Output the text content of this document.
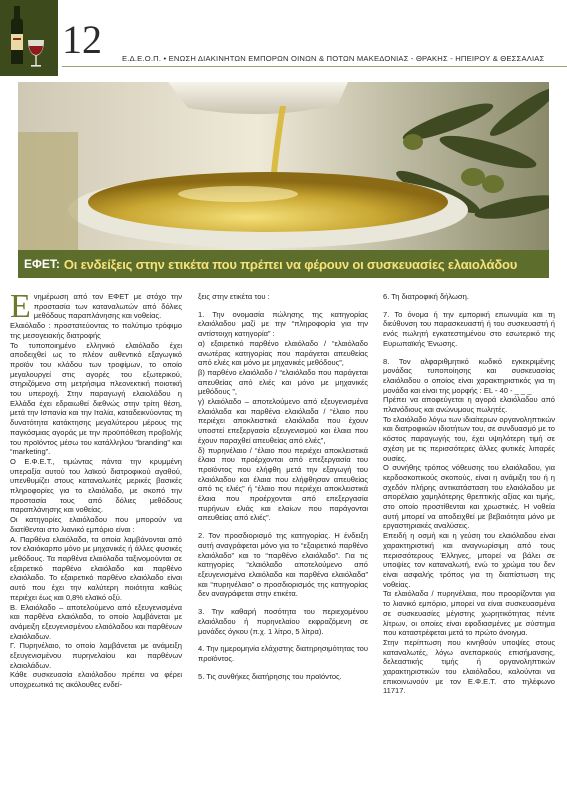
12	Ε.Δ.Ε.Ο.Π. • ΕΝΩΣΗ ΔΙΑΚΙΝΗΤΩΝ ΕΜΠΟΡΩΝ ΟΙΝΩΝ & ΠΟΤΩΝ ΜΑΚΕΔΟΝΙΑΣ - ΘΡΑΚΗΣ - ΗΠΕΙΡΟΥ & ΘΕΣΣΑΛΙΑΣ
ΕΦΕΤ: Οι ενδείξεις στην ετικέτα που πρέπει να φέρουν οι συσκευασίες ελαιολάδου

Ενημέρωση από τον ΕΦΕΤ με στόχο την προστασία των καταναλωτών από δόλιες μεθόδους παραπλάνησης και νοθείας.

Ελαιόλαδο : προστατεύοντας το πολύτιμο τρόφιμο της μεσογειακής διατροφής

Το τυποποιημένο ελληνικό ελαιόλαδο έχει αποδειχθεί ως το πλέον αυθεντικό εξαγωγικό προϊόν του κλάδου των τροφίμων, το οποίο μεγαλουργεί στις αγορές του εξωτερικού, στηριζόμενο στη μετρήσιμα πλεονεκτική ποιοτική του υπεροχή. Στην παραγωγή ελαιολάδου η Ελλάδα έχει εδραιωθεί διεθνώς στην τρίτη θέση, μετά την Ισπανία και την Ιταλία, καταδεικνύοντας τη δυνατότητα κατάκτησης μεγαλύτερου μέρους της παγκόσμιας αγοράς με την προϋπόθεση προβολής του προϊόντος μέσω του κατάλληλου “branding” και “marketing”.

Ο Ε.Φ.Ε.Τ., τιμώντας πάντα την κρυμμένη υπεραξία αυτού του λαϊκού διατροφικού αγαθού, υπενθυμίζει στους καταναλωτές μερικές βασικές πληροφορίες για το ελαιόλαδο, με σκοπό την προστασία τους από δόλιες μεθόδους παραπλάνησης και νοθείας.

Οι κατηγορίες ελαιόλαδου που μπορούν να διατίθενται στο λιανικό εμπόριο είναι :

Α. Παρθένα ελαιόλαδα, τα οποία λαμβάνονται από τον ελαιόκαρπο μόνο με μηχανικές ή άλλες φυσικές μεθόδους. Τα παρθένα ελαιόλαδα ταξινομούνται σε εξαιρετικό παρθένο ελαιόλαδο και παρθένο ελαιόλαδο. Το εξαιρετικό παρθένο ελαιόλαδο είναι αυτό που έχει την καλύτερη ποιότητα καθώς περιέχει έως και 0,8% ελαϊκό οξύ.

Β. Ελαιόλαδο – αποτελούμενο από εξευγενισμένα και παρθένα ελαιόλαδα, το οποίο λαμβάνεται με ανάμειξη εξευγενισμένου ελαιόλαδου και παρθένων ελαιόλαδων.

Γ. Πυρηνέλαιο, το οποίο λαμβάνεται με ανάμειξη εξευγενισμένου πυρηνελαίου και παρθένων ελαιολάδων.

Κάθε συσκευασία ελαιόλαδου πρέπει να φέρει υποχρεωτικά τις ακόλουθες ενδεί-

ξεις στην ετικέτα του :

1. Την ονομασία πώλησης της κατηγορίας ελαιόλαδου μαζί με την “πληροφορία για την αντίστοιχη κατηγορία” :

α) εξαιρετικό παρθένο ελαιόλαδο / “ελαιόλαδο ανωτέρας κατηγορίας που παράγεται απευθείας από ελιές και μόνο με μηχανικές μεθόδους”,

β) παρθένο ελαιόλαδο / “ελαιόλαδο που παράγεται απευθείας από ελιές και μόνο με μηχανικές μεθόδους ”,

γ) ελαιόλαδο – αποτελούμενο από εξευγενισμένα ελαιόλαδα και παρθένα ελαιόλαδα / “έλαιο που περιέχει αποκλειστικά ελαιόλαδα που έχουν υποστεί επεξεργασία εξευγενισμού και έλαια που έχουν παραχθεί απευθείας από ελιές”,

δ) πυρηνέλαιο / “έλαιο που περιέχει αποκλειστικά έλαια που προέρχονται από επεξεργασία του προϊόντος που ελήφθη μετά την εξαγωγή του ελαιόλαδου και έλαια που ελήφθησαν απευθείας από τις ελιές” ή “έλαιο που περιέχει αποκλειστικά έλαια που προέρχονται από επεξεργασία πυρήνων ελιάς και ελαίων που παράγονται απευθείας από ελιές”.

2. Τον προσδιορισμό της κατηγορίας. Η ένδειξη αυτή αναγράφεται μόνο για το “εξαιρετικό παρθένο ελαιόλαδο” και το “παρθένο ελαιόλαδο”. Για τις κατηγορίες “ελαιόλαδο αποτελούμενο από εξευγενισμένα ελαιόλαδα και παρθένα ελαιόλαδα” και “πυρηνέλαιο” ο προσδιορισμός της κατηγορίας δεν αναγράφεται στην ετικέτα.

3. Την καθαρή ποσότητα του περιεχομένου ελαιόλαδου ή πυρηνελαίου εκφραζόμενη σε μονάδες όγκου (π.χ. 1 λίτρο, 5 λίτρα).

4. Την ημερομηνία ελάχιστης διατηρησιμότητας του προϊόντος.

5. Τις συνθήκες διατήρησης του προϊόντος.

6. Τη διατροφική δήλωση.

7. Το όνομα ή την εμπορική επωνυμία και τη διεύθυνση του παρασκευαστή ή του συσκευαστή ή ενός πωλητή εγκατεστημένου στο εσωτερικό της Ευρωπαϊκής Ένωσης.

8. Τον αλφαριθμητικό κωδικό εγκεκριμένης μονάδας τυποποίησης και συσκευασίας ελαιόλαδου ο οποίος είναι χαρακτηριστικός για τη μονάδα και είναι της μορφής : EL - 40 - _ _ _

Πρέπει να αποφεύγεται η αγορά ελαιόλαδου από πλανόδιους και ανώνυμους πωλητές.

Το ελαιόλαδο λόγω των ιδιαίτερων οργανοληπτικών και διατροφικών ιδιοτήτων του, σε συνδυασμό με το κόστος παραγωγής του, έχει υψηλότερη τιμή σε σχέση με τις περισσότερες άλλες φυτικές λιπαρές ουσίες.

Ο συνήθης τρόπος νόθευσης του ελαιόλαδου, για κερδοσκοπικούς σκοπούς, είναι η ανάμιξη του ή η σχεδόν πλήρης αντικατάσταση του ελαιόλαδου με απορέλαιο χαμηλότερης θρεπτικής αξίας και τιμής, στο οποίο προστίθενται και χρωστικές. Η νοθεία αυτή μπορεί να αποδειχθεί με βεβαιότητα μόνο με εργαστηριακές αναλύσεις.

Επειδή η οσμή και η γεύση του ελαιόλαδου είναι χαρακτηριστική και αναγνωρίσιμη από τους περισσότερους Έλληνες, μπορεί να βάλει σε υποψίες τον καταναλωτή, ενώ το χρώμα του δεν είναι ασφαλής τρόπος για τη διαπίστωση της νοθείας.

Τα ελαιόλαδα / πυρηνέλαια, που προορίζονται για το λιανικό εμπόριο, μπορεί να είναι συσκευασμένα σε συσκευασίες μέγιστης χωρητικότητας πέντε λίτρων, οι οποίες είναι εφοδιασμένες με σύστημα που καταστρέφεται μετά το πρώτο άνοιγμα.

Στην περίπτωση που κινηθούν υποψίες στους καταναλωτές, λόγω ανεπαρκούς επισήμανσης, δελεαστικής τιμής ή οργανοληπτικών χαρακτηριστικών του ελαιόλαδου, καλούνται να επικοινωνούν με τον Ε.Φ.Ε.Τ. στο τηλέφωνο 11717.
